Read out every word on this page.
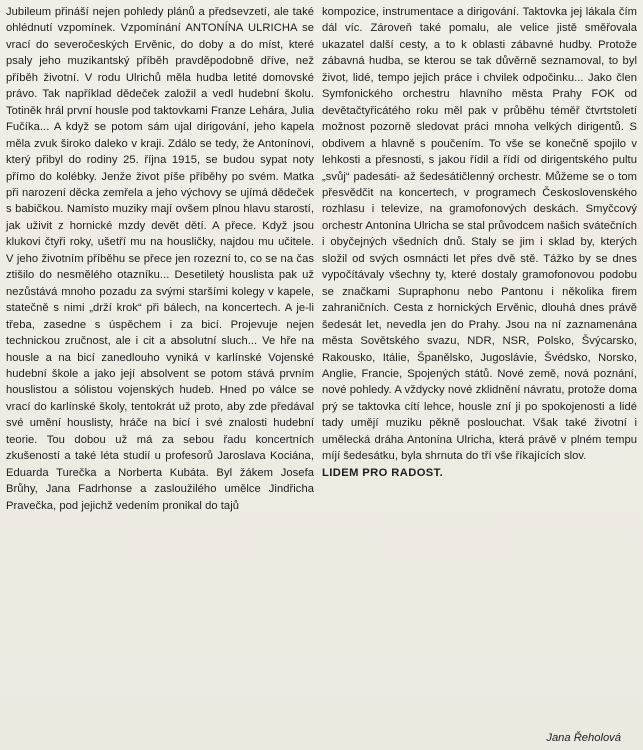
Jubileum přináší nejen pohledy plánů a předsevzetí, ale také ohlédnutí vzpomínek. Vzpomínání ANTONÍNA ULRICHA se vrací do severočeských Ervěnic, do doby a do míst, které psaly jeho muzikantský příběh pravděpodobně dříve, než příběh životní. V rodu Ulrichů měla hudba letité domovské právo. Tak například dědeček založil a vedl hudební školu. Totiněk hrál první housle pod taktovkami Franze Lehára, Julia Fučíka... A když se potom sám ujal dirigování, jeho kapela měla zvuk široko daleko v kraji. Zdálo se tedy, že Antonínovi, který přibyl do rodiny 25. října 1915, se budou sypat noty přímo do kolébky. Jenže život píše příběhy po svém. Matka při narození děcka zemřela a jeho výchovy se ujímá dědeček s babičkou. Namísto muziky mají ovšem plnou hlavu starostí, jak uživit z hornické mzdy devět dětí. A přece. Když jsou klukovi čtyři roky, ušetří mu na housličky, najdou mu učitele. V jeho životním příběhu se přece jen rozezní to, co se na čas ztišilo do nesmělého otazníku... Desetiletý houslista pak už nezůstává mnoho pozadu za svými staršími kolegy v kapele, statečně s nimi „drží krok“ při bálech, na koncertech. A je-li třeba, zasedne s úspěchem i za bicí. Projevuje nejen technickou zručnost, ale i cit a absolutní sluch... Ve hře na housle a na bicí zanedlouho vyniká v karlínské Vojenské hudební škole a jako její absolvent se potom stává prvním houslistou a sólistou vojenských hudeb. Hned po válce se vrací do karlínské školy, tentokrát už proto, aby zde předával své umění houslisty, hráče na bicí i své znalosti hudební teorie. Tou dobou už má za sebou řadu koncertních zkušeností a také léta studií u profesorů Jaroslava Kociána, Eduarda Turečka a Norberta Kubáta. Byl žákem Josefa Brůhy, Jana Fadrhonse a zasloužilého umělce Jindřicha Pravečka, pod jejichž vedením pronikal do tajů

kompozice, instrumentace a dirigování. Taktovka jej lákala čím dál víc. Zároveň také pomalu, ale velice jistě směřovala ukazatel další cesty, a to k oblasti zábavné hudby. Protože zábavná hudba, se kterou se tak důvěrně seznamoval, to byl život, lidé, tempo jejich práce i chvilek odpočinku... Jako člen Symfonického orchestru hlavního města Prahy FOK od devětačtyřicátého roku měl pak v průběhu téměř čtvrtstoletí možnost pozorně sledovat práci mnoha velkých dirigentů. S obdivem a hlavně s poučením. To vše se konečně spojilo v lehkosti a přesnosti, s jakou řídil a řídí od dirigentského pultu „svůj“ padesáti- až šedesátičlenný orchestr. Můžeme se o tom přesvědčit na koncertech, v programech Československého rozhlasu i televize, na gramofonových deskách. Smyčcový orchestr Antonína Ulricha se stal průvodcem našich svátečních i obyčejných všedních dnů. Staly se jim i sklad by, kterých složil od svých osmnácti let přes dvě stě. Tážko by se dnes vypočítávaly všechny ty, které dostaly gramofonovou podobu se značkami Supraphonu nebo Pantonu i několika firem zahraničních. Cesta z hornických Ervěnic, dlouhá dnes právě šedesát let, nevedla jen do Prahy. Jsou na ní zaznamenána města Sovětského svazu, NDR, NSR, Polsko, Švýcarsko, Rakousko, Itálie, Španělsko, Jugoslávie, Švédsko, Norsko, Anglie, Francie, Spojených států. Nové země, nová poznání, nové pohledy. A vždycky nové zklidnění návratu, protože doma prý se taktovka cítí lehce, housle zní ji po spokojenosti a lidé tady umějí muziku pěkně poslouchat. Však také životní i umělecká dráha Antonína Ulricha, která právě v plném tempu míjí šedesátku, byla shrnuta do tří vše říkajících slov.

LIDEM PRO RADOST.

Jana Řeholová
